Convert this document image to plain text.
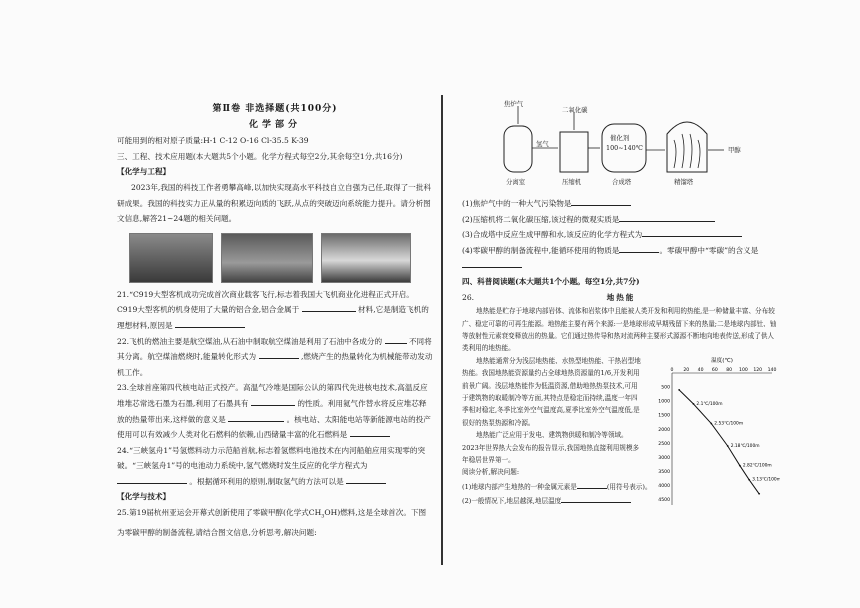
第Ⅱ卷 非选择题(共100分)

化学部分

可能用到的相对原子质量:H-1 C-12 O-16 Cl-35.5 K-39

三、工程、技术应用题(本大题共5个小题。化学方程式每空2分,其余每空1分,共16分)

【化学与工程】

2023年,我国的科技工作者勇攀高峰,以加快实现高水平科技自立自强为己任,取得了一批科研成果。我国的科技实力正从量的积累迈向质的飞跃,从点的突破迈向系统能力提升。请分析图文信息,解答21~24题的相关问题。

21.“C919大型客机成功完成首次商业载客飞行,标志着我国大飞机商业化进程正式开启。C919大型客机的机身使用了大量的铝合金,铝合金属于	材料,它是制造飞机的理想材料,原因是

22.飞机的燃油主要是航空煤油,从石油中制取航空煤油是利用了石油中各成分的	不同将其分离。航空煤油燃烧时,能量转化形式为	,燃烧产生的热量转化为机械能带动发动机工作。

23.全球首座第四代核电站正式投产。高温气冷堆是国际公认的第四代先进核电技术,高温反应堆堆芯常选石墨为石墨,利用了石墨具有	的性质。利用氦气作替水将反应堆芯释放的热量带出来,这样做的意义是	。核电站、太阳能电站等新能源电站的投产使用可以有效减少人类对化石燃料的依赖,山西储量丰富的化石燃料是

24.“三峡氢舟1”号氢燃料动力示范船首航,标志着氢燃料电池技术在内河船舶应用实现零的突破。“三峡氢舟1”号的电池动力系统中,氢气燃烧时发生反应的化学方程式为  。根据循环利用的原则,制取氢气的方法可以是

【化学与技术】

25.第19届杭州亚运会开幕式创新使用了零碳甲醇(化学式$CH_3OH$)燃料,这是全球首次。下图为零碳甲醇的制备流程,请结合图文信息,分析思考,解决问题:

焦炉气
二氧化碳
氢气
催化剂
100~140℃
分离室	压缩机	合成塔	精馏塔
甲醇

(1)焦炉气中的一种大气污染物是

(2)压缩机将二氧化碳压缩,该过程的微观实质是

(3)合成塔中反应生成甲醇和水,该反应的化学方程式为

(4)零碳甲醇的制备流程中,能循环使用的物质是	。零碳甲醇中“零碳”的含义是

四、科普阅读题(本大题共1个小题。每空1分,共7分)

26.	地热能

地热能是贮存于地球内部岩体、流体和岩浆体中且能被人类开发和利用的热能,是一种储量丰富、分布较广、稳定可靠的可再生能源。地热能主要有两个来源:一是地球形成早期残留下来的热量;二是地球内部钍、铀等放射性元素衰变释放出的热量。它们通过热传导和热对流两种主要形式源源不断地向地表传送,形成了供人类利用的地热能。

地热能通常分为浅层地热能、水热型地热能、干热岩型地热能。我国地热能资源量约占全球地热资源量的1/6,开发利用前景广阔。浅层地热能作为低温资源,借助地热热泵技术,可用于建筑物的取暖制冷等方面,其特点是稳定而持续,温度一年四季相对稳定,冬季比室外空气温度高,夏季比室外空气温度低,是很好的热泵热源和冷源。

温度(℃)
0 20 40 60 80 100 120 140
500
1000
1500
2000
2500
3000
3500
4000
4500
2.1℃/100m
2.53℃/100m
2.18℃/100m
2.82℃/100m
3.13℃/100m

地热能广泛应用于发电、建筑物供暖和制冷等领域。2023年世界热大会发布的报告显示,我国地热直接利用规模多年稳居世界第一。

阅读分析,解决问题:

(1)地球内部产生地热的一种金属元素是	(用符号表示)。

(2)一般情况下,地层越深,地层温度
